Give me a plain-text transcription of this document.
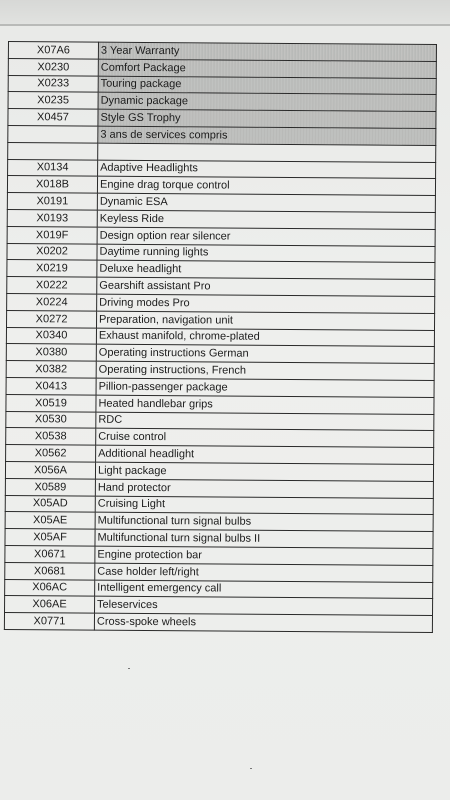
X07A6	3 Year Warranty
X0230	Comfort Package
X0233	Touring package
X0235	Dynamic package
X0457	Style GS Trophy
	3 ans de services compris

X0134	Adaptive Headlights
X018B	Engine drag torque control
X0191	Dynamic ESA
X0193	Keyless Ride
X019F	Design option rear silencer
X0202	Daytime running lights
X0219	Deluxe headlight
X0222	Gearshift assistant Pro
X0224	Driving modes Pro
X0272	Preparation, navigation unit
X0340	Exhaust manifold, chrome-plated
X0380	Operating instructions German
X0382	Operating instructions, French
X0413	Pillion-passenger package
X0519	Heated handlebar grips
X0530	RDC
X0538	Cruise control
X0562	Additional headlight
X056A	Light package
X0589	Hand protector
X05AD	Cruising Light
X05AE	Multifunctional turn signal bulbs
X05AF	Multifunctional turn signal bulbs II
X0671	Engine protection bar
X0681	Case holder left/right
X06AC	Intelligent emergency call
X06AE	Teleservices
X0771	Cross-spoke wheels
